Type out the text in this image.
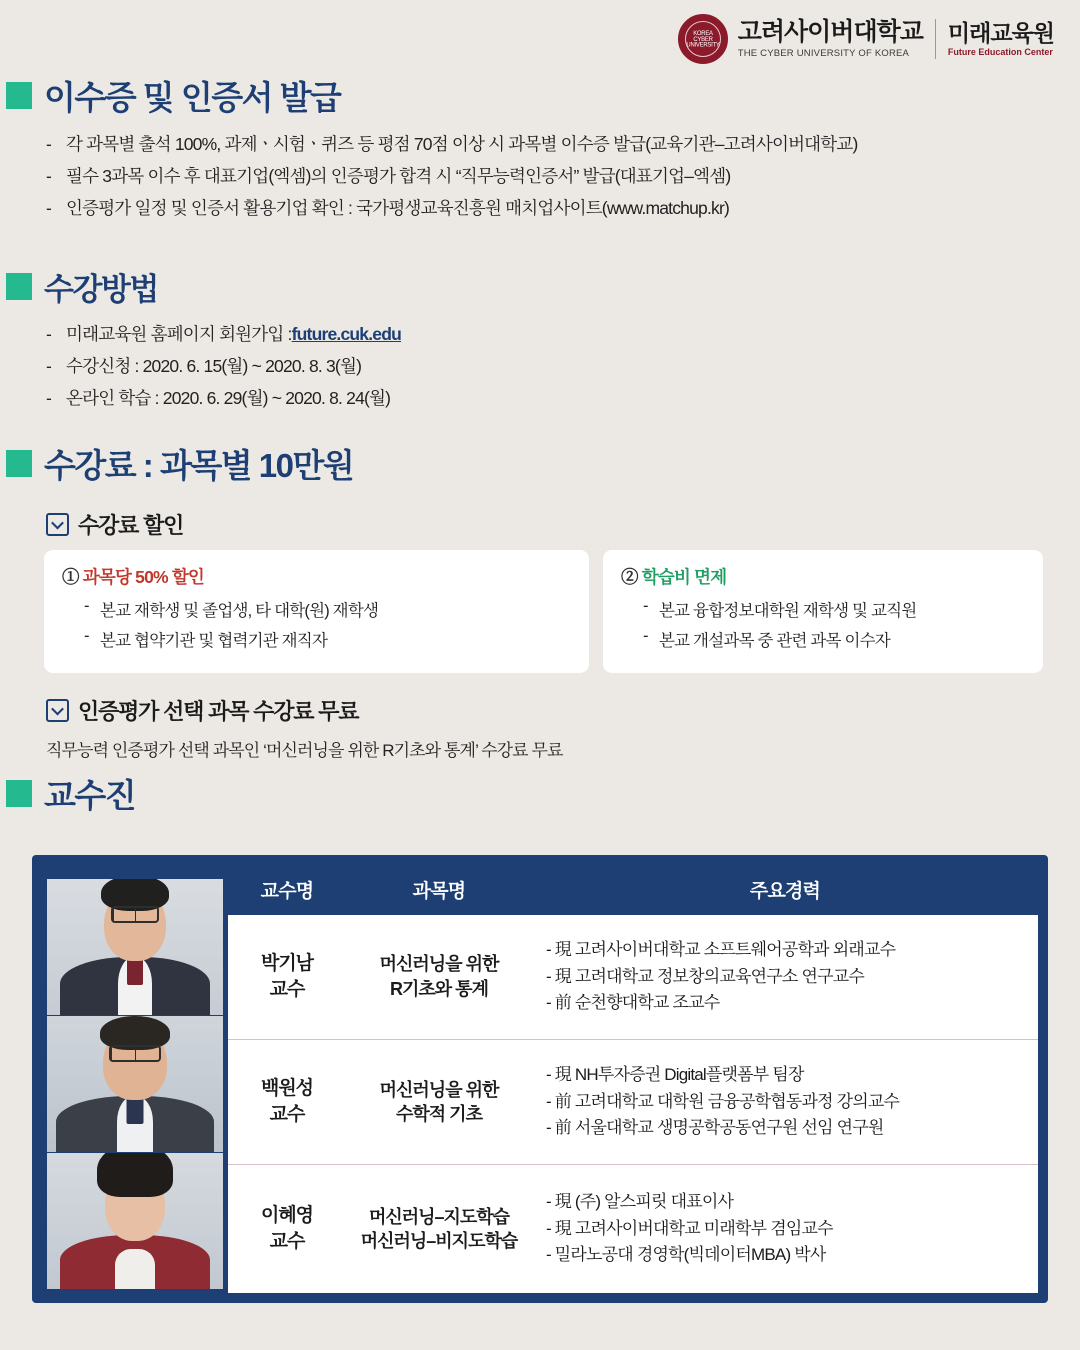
KOREA CYBER UNIVERSITY 고려사이버대학교
THE CYBER UNIVERSITY OF KOREA
미래교육원
Future Education Center
이수증 및 인증서 발급
- 각 과목별 출석 100%, 과제ㆍ시험ㆍ퀴즈 등 평점 70점 이상 시 과목별 이수증 발급(교육기관–고려사이버대학교)
- 필수 3과목 이수 후 대표기업(엑셈)의 인증평가 합격 시 “직무능력인증서” 발급(대표기업–엑셈)
- 인증평가 일정 및 인증서 활용기업 확인 : 국가평생교육진흥원 매치업사이트(www.matchup.kr)
수강방법
- 미래교육원 홈페이지 회원가입 : future.cuk.edu
- 수강신청 : 2020. 6. 15(월) ~ 2020. 8. 3(월)
- 온라인 학습 : 2020. 6. 29(월) ~ 2020. 8. 24(월)
수강료 : 과목별 10만원
수강료 할인
① 과목당 50% 할인
- 본교 재학생 및 졸업생, 타 대학(원) 재학생
- 본교 협약기관 및 협력기관 재직자
② 학습비 면제
- 본교 융합정보대학원 재학생 및 교직원
- 본교 개설과목 중 관련 과목 이수자
인증평가 선택 과목 수강료 무료
직무능력 인증평가 선택 과목인 ‘머신러닝을 위한 R기초와 통계’ 수강료 무료
교수진
교수명	과목명	주요경력
박기남
교수
머신러닝을 위한
R기초와 통계
- 現 고려사이버대학교 소프트웨어공학과 외래교수
- 現 고려대학교 정보창의교육연구소 연구교수
- 前 순천향대학교 조교수
백원성
교수
머신러닝을 위한
수학적 기초
- 現 NH투자증권 Digital플랫폼부 팀장
- 前 고려대학교 대학원 금융공학협동과정 강의교수
- 前 서울대학교 생명공학공동연구원 선임 연구원
이혜영
교수
머신러닝–지도학습
머신러닝–비지도학습
- 現 (주) 알스피릿 대표이사
- 現 고려사이버대학교 미래학부 겸임교수
- 밀라노공대 경영학(빅데이터MBA) 박사
